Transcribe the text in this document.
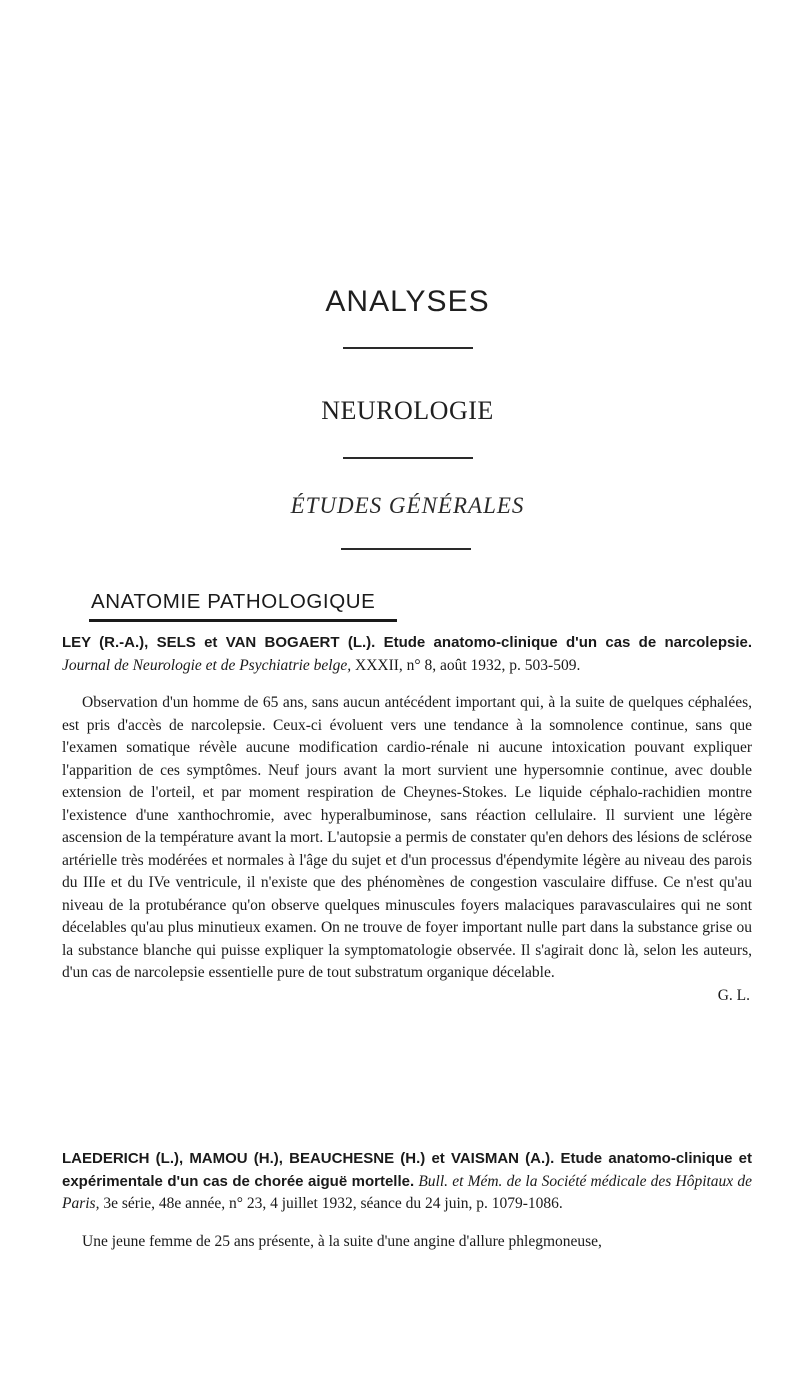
ANALYSES
NEUROLOGIE
ÉTUDES GÉNÉRALES
ANATOMIE PATHOLOGIQUE

LEY (R.-A.), SELS et VAN BOGAERT (L.). Etude anatomo-clinique d'un cas de narcolepsie. Journal de Neurologie et de Psychiatrie belge, XXXII, n° 8, août 1932, p. 503-509.

Observation d'un homme de 65 ans, sans aucun antécédent important qui, à la suite de quelques céphalées, est pris d'accès de narcolepsie. Ceux-ci évoluent vers une tendance à la somnolence continue, sans que l'examen somatique révèle aucune modification cardio-rénale ni aucune intoxication pouvant expliquer l'apparition de ces symptômes. Neuf jours avant la mort survient une hypersomnie continue, avec double extension de l'orteil, et par moment respiration de Cheynes-Stokes. Le liquide céphalo-rachidien montre l'existence d'une xanthochromie, avec hyperalbuminose, sans réaction cellulaire. Il survient une légère ascension de la température avant la mort. L'autopsie a permis de constater qu'en dehors des lésions de sclérose artérielle très modérées et normales à l'âge du sujet et d'un processus d'épendymite légère au niveau des parois du IIIe et du IVe ventricule, il n'existe que des phénomènes de congestion vasculaire diffuse. Ce n'est qu'au niveau de la protubérance qu'on observe quelques minuscules foyers malaciques paravasculaires qui ne sont décelables qu'au plus minutieux examen. On ne trouve de foyer important nulle part dans la substance grise ou la substance blanche qui puisse expliquer la symptomatologie observée. Il s'agirait donc là, selon les auteurs, d'un cas de narcolepsie essentielle pure de tout substratum organique décelable.

G. L.

LAEDERICH (L.), MAMOU (H.), BEAUCHESNE (H.) et VAISMAN (A.). Etude anatomo-clinique et expérimentale d'un cas de chorée aiguë mortelle. Bull. et Mém. de la Société médicale des Hôpitaux de Paris, 3e série, 48e année, n° 23, 4 juillet 1932, séance du 24 juin, p. 1079-1086.

Une jeune femme de 25 ans présente, à la suite d'une angine d'allure phlegmoneuse,
